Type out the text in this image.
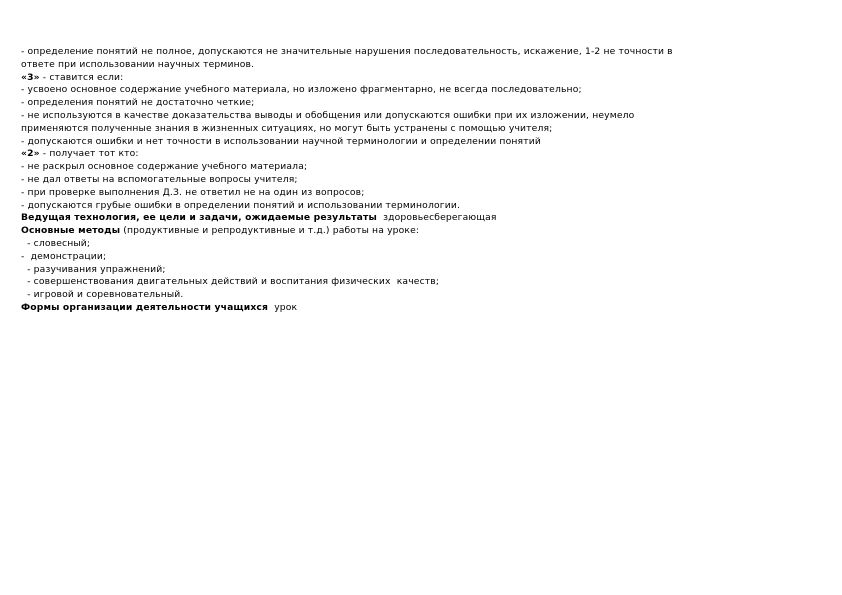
- определение понятий не полное, допускаются не значительные нарушения последовательность, искажение, 1-2 не точности в
ответе при использовании научных терминов.
«3» - ставится если:
- усвоено основное содержание учебного материала, но изложено фрагментарно, не всегда последовательно;
- определения понятий не достаточно четкие;
- не используются в качестве доказательства выводы и обобщения или допускаются ошибки при их изложении, неумело
применяются полученные знания в жизненных ситуациях, но могут быть устранены с помощью учителя;
- допускаются ошибки и нет точности в использовании научной терминологии и определении понятий
«2» - получает тот кто:
- не раскрыл основное содержание учебного материала;
- не дал ответы на вспомогательные вопросы учителя;
- при проверке выполнения Д.З. не ответил не на один из вопросов;
- допускаются грубые ошибки в определении понятий и использовании терминологии.
Ведущая технология, ее цели и задачи, ожидаемые результаты  здоровьесберегающая
Основные методы (продуктивные и репродуктивные и т.д.) работы на уроке:
- словесный;
-  демонстрации;
- разучивания упражнений;
- совершенствования двигательных действий и воспитания физических  качеств;
- игровой и соревновательный.
Формы организации деятельности учащихся  урок
